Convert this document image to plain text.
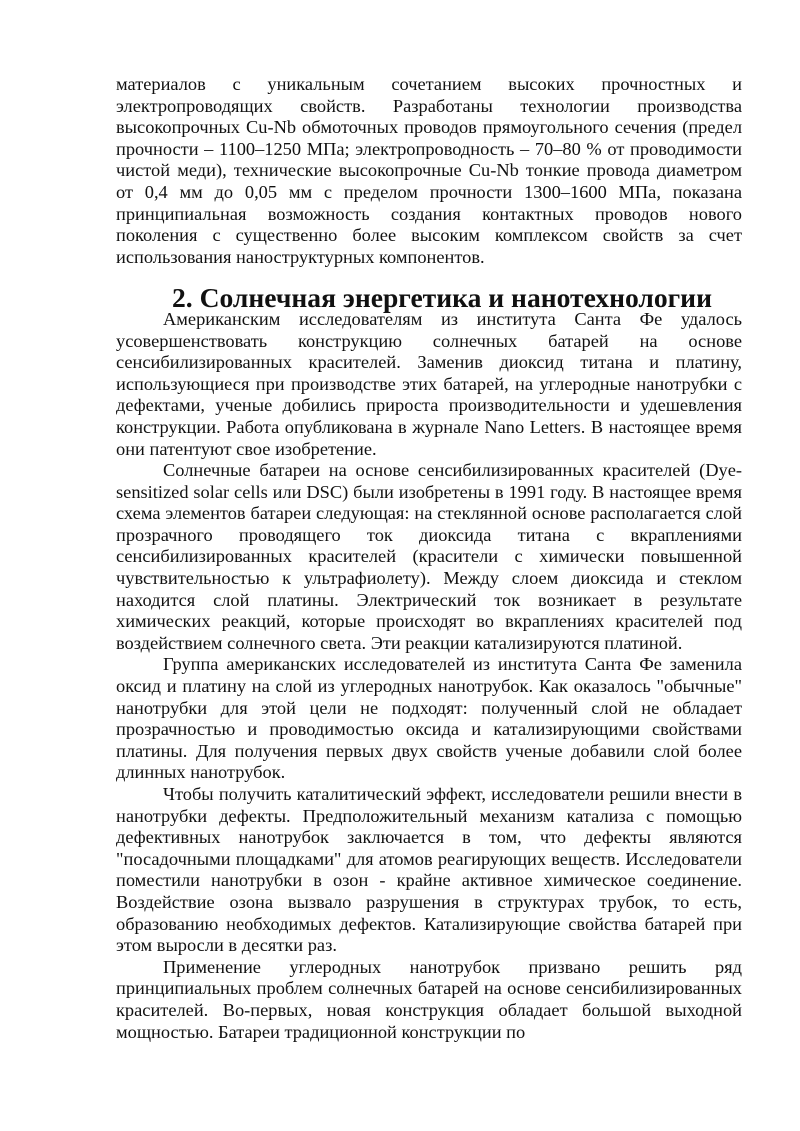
материалов с уникальным сочетанием высоких прочностных и электропроводящих свойств. Разработаны технологии производства высокопрочных Cu-Nb обмоточных проводов прямоугольного сечения (предел прочности – 1100–1250 МПа; электропроводность – 70–80 % от проводимости чистой меди), технические высокопрочные Cu-Nb тонкие провода диаметром от 0,4 мм до 0,05 мм с пределом прочности 1300–1600 МПа, показана принципиальная возможность создания контактных проводов нового поколения с существенно более высоким комплексом свойств за счет использования наноструктурных компонентов.

2. Солнечная энергетика и нанотехнологии

Американским исследователям из института Санта Фе удалось усовершенствовать конструкцию солнечных батарей на основе сенсибилизированных красителей. Заменив диоксид титана и платину, использующиеся при производстве этих батарей, на углеродные нанотрубки с дефектами, ученые добились прироста производительности и удешевления конструкции. Работа опубликована в журнале Nano Letters. В настоящее время они патентуют свое изобретение.

Солнечные батареи на основе сенсибилизированных красителей (Dye-sensitized solar cells или DSC) были изобретены в 1991 году. В настоящее время схема элементов батареи следующая: на стеклянной основе располагается слой прозрачного проводящего ток диоксида титана с вкраплениями сенсибилизированных красителей (красители с химически повышенной чувствительностью к ультрафиолету). Между слоем диоксида и стеклом находится слой платины. Электрический ток возникает в результате химических реакций, которые происходят во вкраплениях красителей под воздействием солнечного света. Эти реакции катализируются платиной.

Группа американских исследователей из института Санта Фе заменила оксид и платину на слой из углеродных нанотрубок. Как оказалось "обычные" нанотрубки для этой цели не подходят: полученный слой не обладает прозрачностью и проводимостью оксида и катализирующими свойствами платины. Для получения первых двух свойств ученые добавили слой более длинных нанотрубок.

Чтобы получить каталитический эффект, исследователи решили внести в нанотрубки дефекты. Предположительный механизм катализа с помощью дефективных нанотрубок заключается в том, что дефекты являются "посадочными площадками" для атомов реагирующих веществ. Исследователи поместили нанотрубки в озон - крайне активное химическое соединение. Воздействие озона вызвало разрушения в структурах трубок, то есть, образованию необходимых дефектов. Катализирующие свойства батарей при этом выросли в десятки раз.

Применение углеродных нанотрубок призвано решить ряд принципиальных проблем солнечных батарей на основе сенсибилизированных красителей. Во-первых, новая конструкция обладает большой выходной мощностью. Батареи традиционной конструкции по
